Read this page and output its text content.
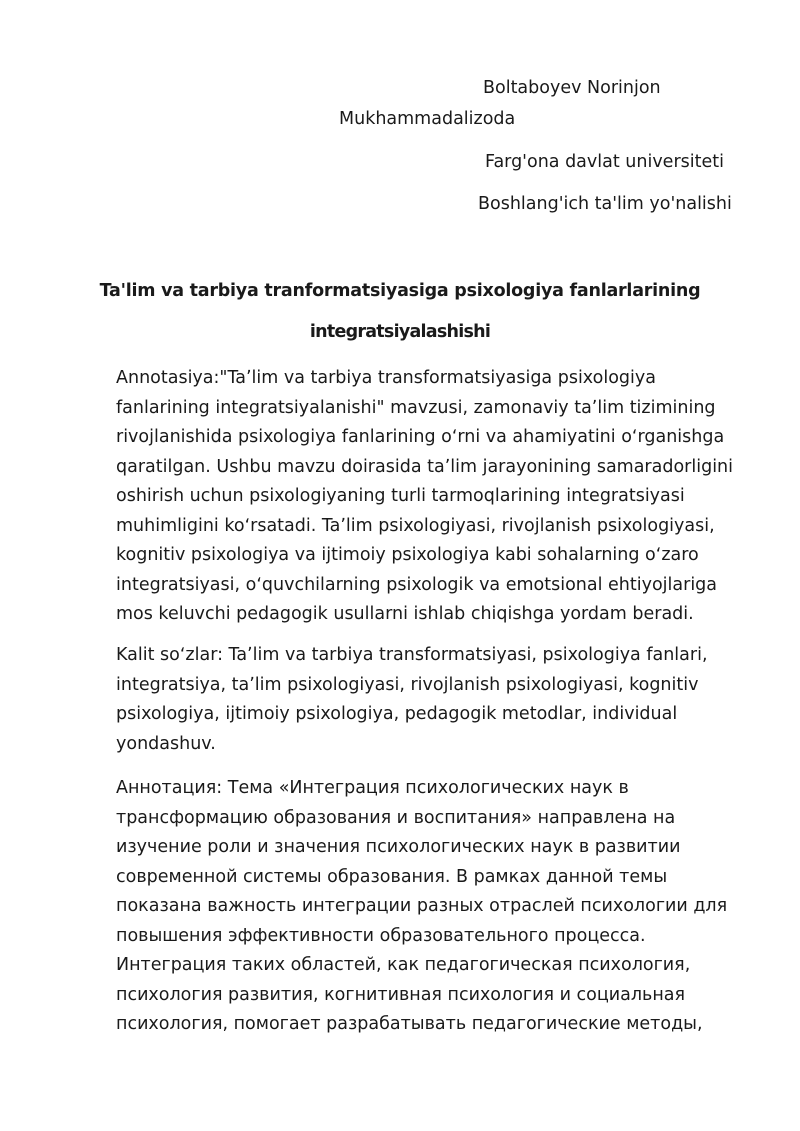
Boltaboyev Norinjon
Mukhammadalizoda
Farg'ona davlat universiteti
Boshlang'ich ta'lim yo'nalishi
Ta'lim va tarbiya tranformatsiyasiga psixologiya fanlarlarining
integratsiyalashishi
Annotasiya:"Taʼlim va tarbiya transformatsiyasiga psixologiya
fanlarining integratsiyalanishi" mavzusi, zamonaviy taʼlim tizimining
rivojlanishida psixologiya fanlarining oʻrni va ahamiyatini oʻrganishga
qaratilgan. Ushbu mavzu doirasida taʼlim jarayonining samaradorligini
oshirish uchun psixologiyaning turli tarmoqlarining integratsiyasi
muhimligini koʻrsatadi. Taʼlim psixologiyasi, rivojlanish psixologiyasi,
kognitiv psixologiya va ijtimoiy psixologiya kabi sohalarning oʻzaro
integratsiyasi, oʻquvchilarning psixologik va emotsional ehtiyojlariga
mos keluvchi pedagogik usullarni ishlab chiqishga yordam beradi.
Kalit soʻzlar: Taʼlim va tarbiya transformatsiyasi, psixologiya fanlari,
integratsiya, taʼlim psixologiyasi, rivojlanish psixologiyasi, kognitiv
psixologiya, ijtimoiy psixologiya, pedagogik metodlar, individual
yondashuv.
Аннотация: Тема «Интеграция психологических наук в
трансформацию образования и воспитания» направлена на
изучение роли и значения психологических наук в развитии
современной системы образования. В рамках данной темы
показана важность интеграции разных отраслей психологии для
повышения эффективности образовательного процесса.
Интеграция таких областей, как педагогическая психология,
психология развития, когнитивная психология и социальная
психология, помогает разрабатывать педагогические методы,
